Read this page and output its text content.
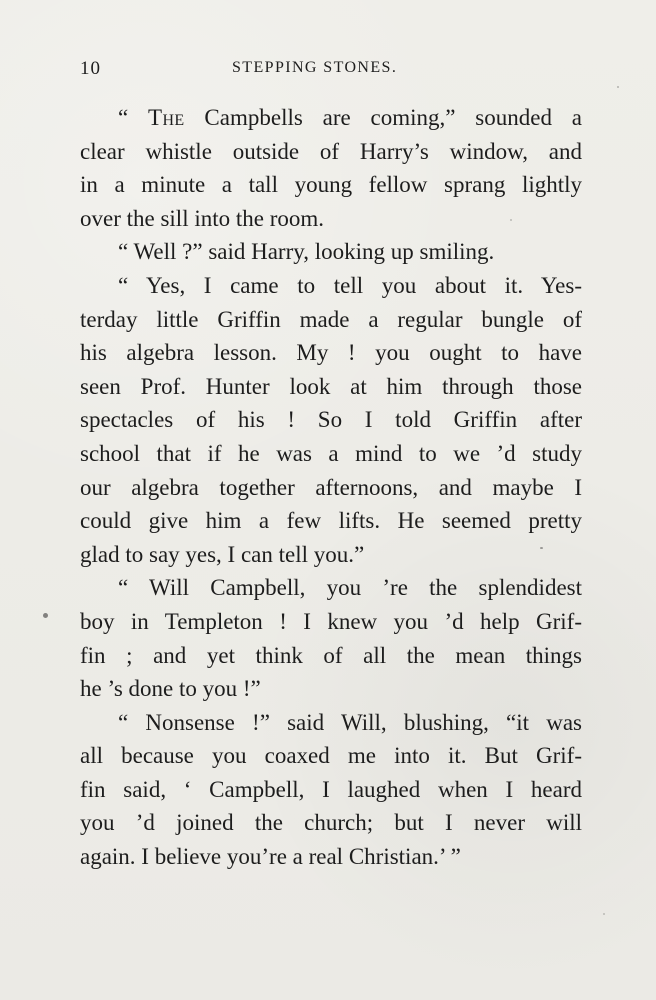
10	STEPPING STONES.
“ The Campbells are coming,” sounded a
clear whistle outside of Harry’s window, and
in a minute a tall young fellow sprang lightly
over the sill into the room.
“ Well ?” said Harry, looking up smiling.
“ Yes, I came to tell you about it. Yes-
terday little Griffin made a regular bungle of
his algebra lesson. My ! you ought to have
seen Prof. Hunter look at him through those
spectacles of his ! So I told Griffin after
school that if he was a mind to we ’d study
our algebra together afternoons, and maybe I
could give him a few lifts. He seemed pretty
glad to say yes, I can tell you.”
“ Will Campbell, you ’re the splendidest
boy in Templeton ! I knew you ’d help Grif-
fin ; and yet think of all the mean things
he ’s done to you !”
“ Nonsense !” said Will, blushing, “it was
all because you coaxed me into it. But Grif-
fin said, ‘ Campbell, I laughed when I heard
you ’d joined the church; but I never will
again. I believe you’re a real Christian.’ ”
